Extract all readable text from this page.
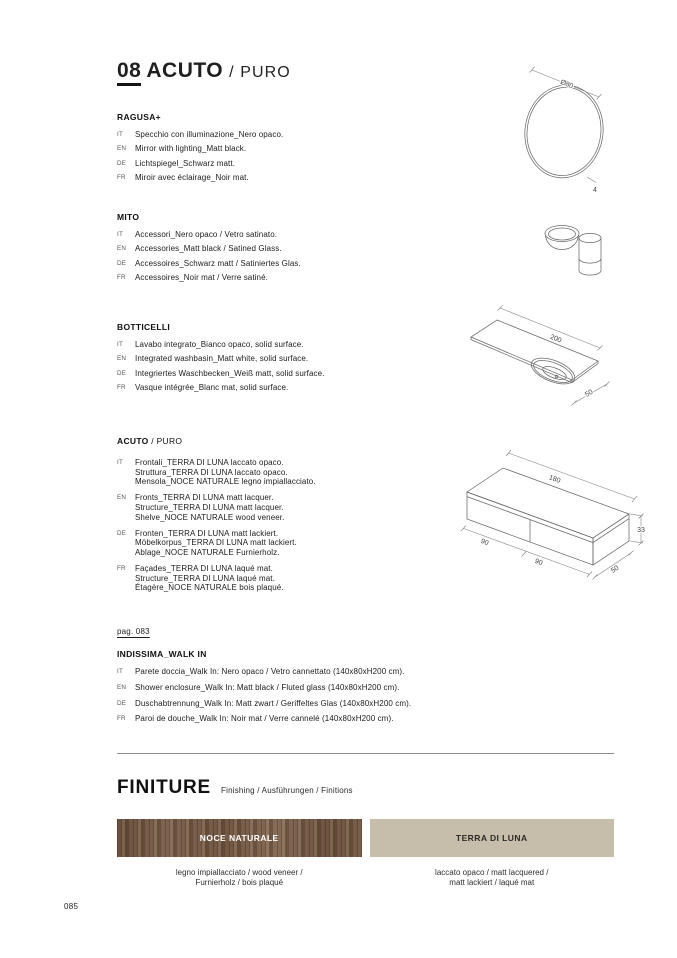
08 ACUTO / PURO
RAGUSA+
IT	Specchio con illuminazione_Nero opaco.
EN	Mirror with lighting_Matt black.
DE	Lichtspiegel_Schwarz matt.
FR	Miroir avec éclairage_Noir mat.
MITO
IT	Accessori_Nero opaco / Vetro satinato.
EN	Accessories_Matt black / Satined Glass.
DE	Accessoires_Schwarz matt / Satiniertes Glas.
FR	Accessoires_Noir mat / Verre satiné.
BOTTICELLI
IT	Lavabo integrato_Bianco opaco, solid surface.
EN	Integrated washbasin_Matt white, solid surface.
DE	Integriertes Waschbecken_Weiß matt, solid surface.
FR	Vasque intégrée_Blanc mat, solid surface.
ACUTO / PURO
IT	Frontali_TERRA DI LUNA laccato opaco.
Struttura_TERRA DI LUNA laccato opaco.
Mensola_NOCE NATURALE legno impiallacciato.
EN	Fronts_TERRA DI LUNA matt lacquer.
Structure_TERRA DI LUNA matt lacquer.
Shelve_NOCE NATURALE wood veneer.
DE	Fronten_TERRA DI LUNA matt lackiert.
Möbelkorpus_TERRA DI LUNA matt lackiert.
Ablage_NOCE NATURALE Furnierholz.
FR	Façades_TERRA DI LUNA laqué mat.
Structure_TERRA DI LUNA laqué mat.
Étagère_NOCE NATURALE bois plaqué.
pag. 083
INDISSIMA_WALK IN
IT	Parete doccia_Walk In: Nero opaco / Vetro cannettato (140x80xH200 cm).
EN	Shower enclosure_Walk In: Matt black / Fluted glass (140x80xH200 cm).
DE	Duschabtrennung_Walk In: Matt zwart / Geriffeltes Glas (140x80xH200 cm).
FR	Paroi de douche_Walk In: Noir mat / Verre cannelé (140x80xH200 cm).
FINITURE Finishing / Ausführungen / Finitions
NOCE NATURALE
legno impiallacciato / wood veneer /
Furnierholz / bois plaqué
TERRA DI LUNA
laccato opaco / matt lacquered /
matt lackiert / laqué mat
085
Ø80
4
200
50
180
90
90
33
50
